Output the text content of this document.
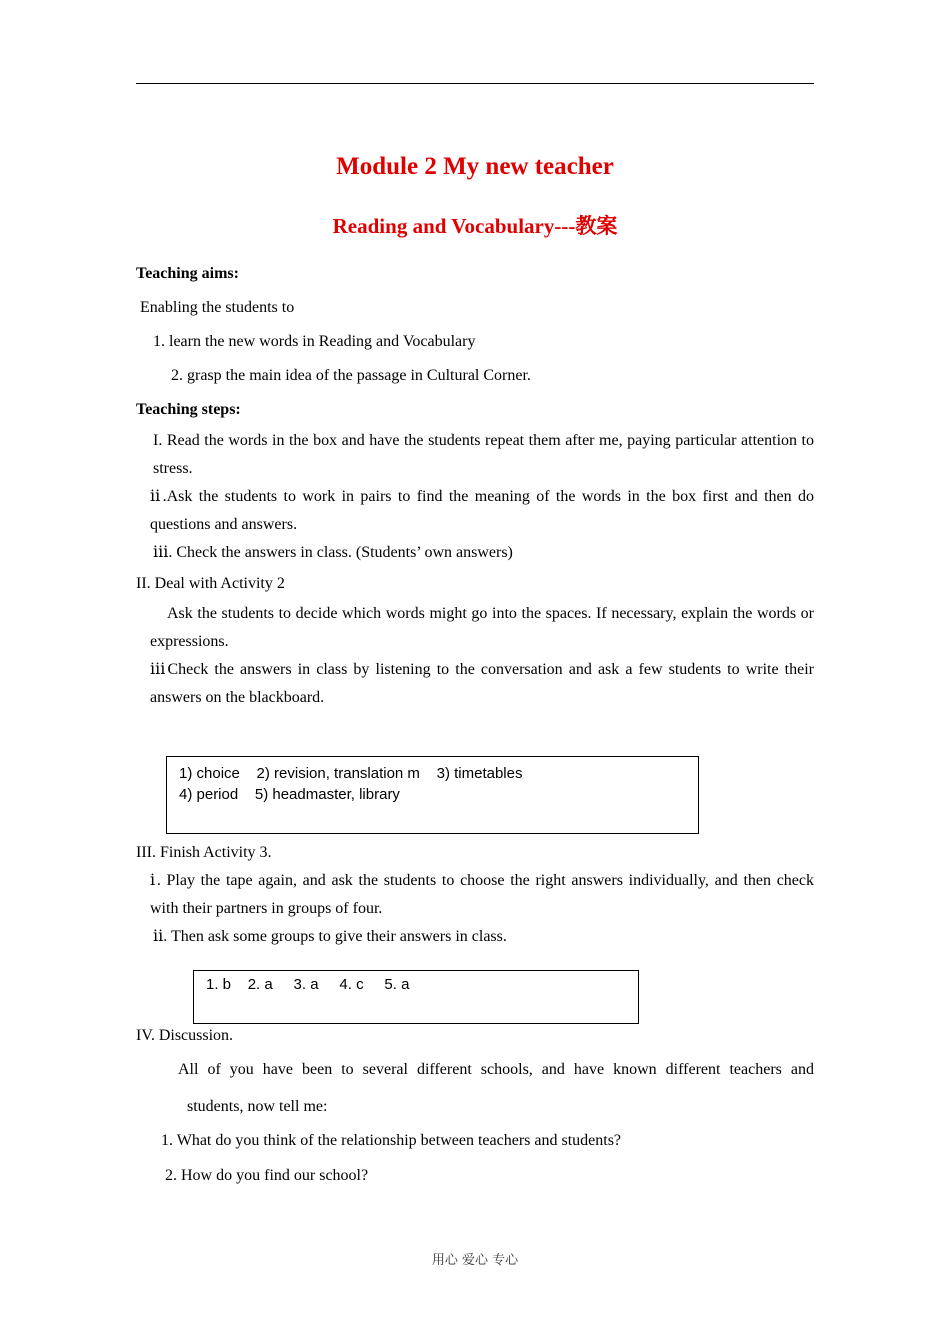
Module 2 My new teacher
Reading and Vocabulary---教案
Teaching aims:
Enabling the students to
1. learn the new words in Reading and Vocabulary
2. grasp the main idea of the passage in Cultural Corner.
Teaching steps:
I. Read the words in the box and have the students repeat them after me, paying particular attention to stress.
ⅱ.Ask the students to work in pairs to find the meaning of the words in the box first and then do questions and answers.
ⅲ. Check the answers in class. (Students’ own answers)
II. Deal with Activity 2
Ask the students to decide which words might go into the spaces. If necessary, explain the words or expressions.
ⅲCheck the answers in class by listening to the conversation and ask a few students to write their answers on the blackboard.
1) choice    2) revision, translation m    3) timetables
4) period    5) headmaster, library
III. Finish Activity 3.
ⅰ. Play the tape again, and ask the students to choose the right answers individually, and then check with their partners in groups of four.
ⅱ. Then ask some groups to give their answers in class.
1. b    2. a     3. a     4. c     5. a
IV. Discussion.
All of you have been to several different schools, and have known different teachers and
students, now tell me:
1. What do you think of the relationship between teachers and students?
2. How do you find our school?
用心 爱心 专心
